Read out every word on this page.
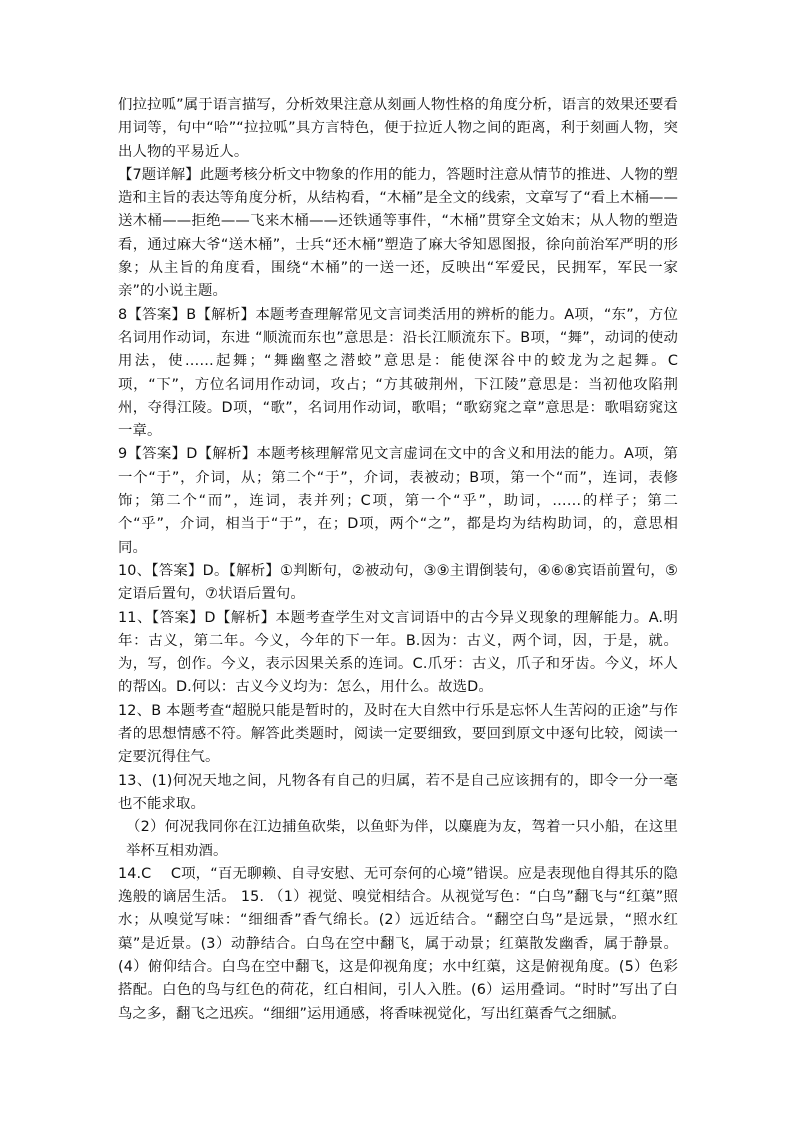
们拉拉呱”属于语言描写，分析效果注意从刻画人物性格的角度分析，语言的效果还要看用词等，句中“哈”“拉拉呱”具方言特色，便于拉近人物之间的距离，利于刻画人物，突出人物的平易近人。

【7题详解】此题考核分析文中物象的作用的能力，答题时注意从情节的推进、人物的塑造和主旨的表达等角度分析，从结构看，“木桶”是全文的线索，文章写了“看上木桶——送木桶——拒绝——飞来木桶——还铁通等事件，“木桶”贯穿全文始末；从人物的塑造看，通过麻大爷“送木桶”，士兵“还木桶”塑造了麻大爷知恩图报，徐向前治军严明的形象；从主旨的角度看，围绕“木桶”的一送一还，反映出“军爱民，民拥军，军民一家亲”的小说主题。

8【答案】B【解析】本题考查理解常见文言词类活用的辨析的能力。A项，“东”，方位名词用作动词，东进 “顺流而东也”意思是：沿长江顺流东下。B项，“舞”，动词的使动用法，使……起舞；“舞幽壑之潜蛟”意思是：能使深谷中的蛟龙为之起舞。C项，“下”，方位名词用作动词，攻占；“方其破荆州，下江陵”意思是：当初他攻陷荆州，夺得江陵。D项，“歌”，名词用作动词，歌唱；“歌窈窕之章”意思是：歌唱窈窕这一章。

9【答案】D【解析】本题考核理解常见文言虚词在文中的含义和用法的能力。A项，第一个“于”，介词，从；第二个“于”，介词，表被动；B项，第一个“而”，连词，表修饰；第二个“而”，连词，表并列；C项，第一个“乎”，助词，……的样子；第二个“乎”，介词，相当于“于”，在；D项，两个“之”，都是均为结构助词，的，意思相同。

10、【答案】D。【解析】①判断句，②被动句，③⑨主谓倒装句，④⑥⑧宾语前置句，⑤定语后置句，⑦状语后置句。

11、【答案】D【解析】本题考查学生对文言词语中的古今异义现象的理解能力。A.明年：古义，第二年。今义，今年的下一年。B.因为：古义，两个词，因，于是，就。为，写，创作。今义，表示因果关系的连词。C.爪牙：古义，爪子和牙齿。今义，坏人的帮凶。D.何以：古义今义均为：怎么，用什么。故选D。

12、B 本题考查“超脱只能是暂时的，及时在大自然中行乐是忘怀人生苦闷的正途”与作者的思想情感不符。解答此类题时，阅读一定要细致，要回到原文中逐句比较，阅读一定要沉得住气。

13、(1)何况天地之间，凡物各有自己的归属，若不是自己应该拥有的，即令一分一毫也不能求取。

（2）何况我同你在江边捕鱼砍柴，以鱼虾为伴，以麋鹿为友，驾着一只小船，在这里举杯互相劝酒。

14.C　 C项，“百无聊赖、自寻安慰、无可奈何的心境”错误。应是表现他自得其乐的隐逸般的谪居生活。 15. （1）视觉、嗅觉相结合。从视觉写色：“白鸟”翻飞与“红蕖”照水；从嗅觉写味：“细细香”香气绵长。(2）远近结合。“翻空白鸟”是远景，“照水红蕖”是近景。(3）动静结合。白鸟在空中翻飞，属于动景；红蕖散发幽香，属于静景。(4）俯仰结合。白鸟在空中翻飞，这是仰视角度；水中红蕖，这是俯视角度。(5）色彩搭配。白色的鸟与红色的荷花，红白相间，引人入胜。(6）运用叠词。“时时”写出了白鸟之多，翻飞之迅疾。“细细”运用通感，将香味视觉化，写出红蕖香气之细腻。
